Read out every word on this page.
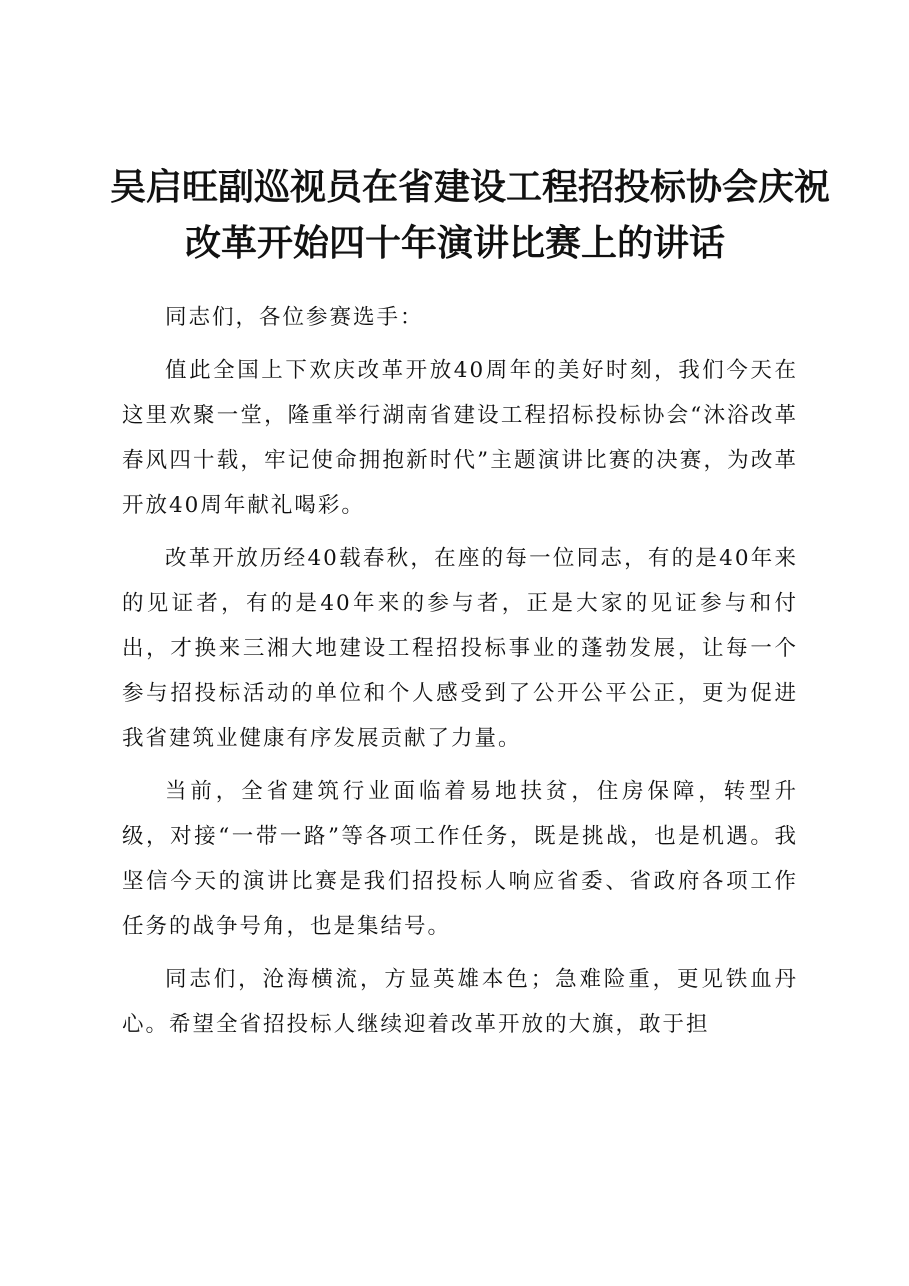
吴启旺副巡视员在省建设工程招投标协会庆祝
改革开始四十年演讲比赛上的讲话

同志们，各位参赛选手：

值此全国上下欢庆改革开放40周年的美好时刻，我们今天在这里欢聚一堂，隆重举行湖南省建设工程招标投标协会“沐浴改革春风四十载，牢记使命拥抱新时代”主题演讲比赛的决赛，为改革开放40周年献礼喝彩。

改革开放历经40载春秋，在座的每一位同志，有的是40年来的见证者，有的是40年来的参与者，正是大家的见证参与和付出，才换来三湘大地建设工程招投标事业的蓬勃发展，让每一个参与招投标活动的单位和个人感受到了公开公平公正，更为促进我省建筑业健康有序发展贡献了力量。

当前，全省建筑行业面临着易地扶贫，住房保障，转型升级，对接“一带一路”等各项工作任务，既是挑战，也是机遇。我坚信今天的演讲比赛是我们招投标人响应省委、省政府各项工作任务的战争号角，也是集结号。

同志们，沧海横流，方显英雄本色；急难险重，更见铁血丹心。希望全省招投标人继续迎着改革开放的大旗，敢于担
